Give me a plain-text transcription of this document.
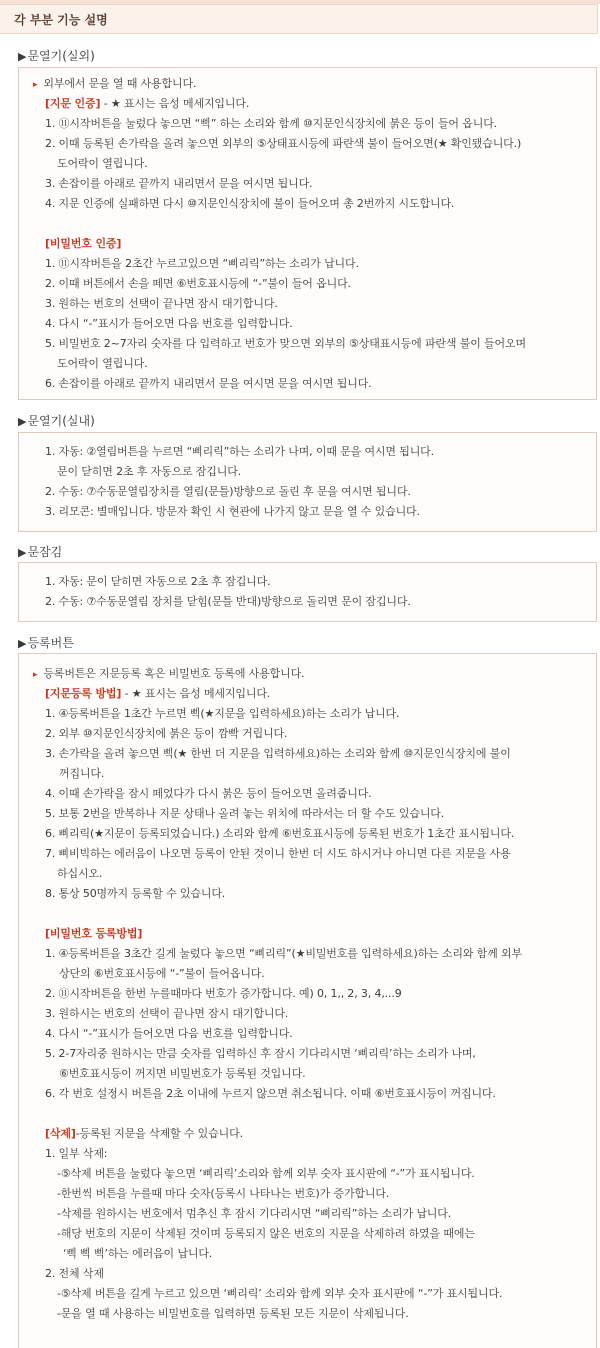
각 부분 기능 설명
▶문열기(실외)
▸ 외부에서 문을 열 때 사용합니다.
[지문 인증] - ★ 표시는 음성 메세지입니다.
1. ⑪시작버튼을 눌렀다 놓으면 “삑” 하는 소리와 함께 ⑩지문인식장치에 붉은 등이 들어 옵니다.
2. 이때 등록된 손가락을 올려 놓으면 외부의 ⑤상태표시등에 파란색 불이 들어오면(★ 확인됐습니다.)
도어락이 열립니다.
3. 손잡이를 아래로 끝까지 내리면서 문을 여시면 됩니다.
4. 지문 인증에 실패하면 다시 ⑩지문인식장치에 불이 들어오며 총 2번까지 시도합니다.
[비밀번호 인증]
1. ⑪시작버튼을 2초간 누르고있으면 “삐리릭”하는 소리가 납니다.
2. 이때 버튼에서 손을 떼면 ⑥번호표시등에 “-”불이 들어 옵니다.
3. 원하는 번호의 선택이 끝나면 잠시 대기합니다.
4. 다시 “-”표시가 들어오면 다음 번호를 입력합니다.
5. 비밀번호 2~7자리 숫자를 다 입력하고 번호가 맞으면 외부의 ⑤상태표시등에 파란색 불이 들어오며
도어락이 열립니다.
6. 손잡이를 아래로 끝까지 내리면서 문을 여시면 문을 여시면 됩니다.
▶문열기(실내)
1. 자동: ②열림버튼을 누르면 “삐리릭”하는 소리가 나며, 이때 문을 여시면 됩니다.
문이 닫히면 2초 후 자동으로 잠깁니다.
2. 수동: ⑦수동문열림장치를 열림(문틀)방향으로 돌린 후 문을 여시면 됩니다.
3. 리모콘: 별매입니다. 방문자 확인 시 현관에 나가지 않고 문을 열 수 있습니다.
▶문잠김
1. 자동: 문이 닫히면 자동으로 2초 후 잠깁니다.
2. 수동: ⑦수동문열림 장치를 닫힘(문틀 반대)방향으로 돌리면 문이 잠깁니다.
▶등록버튼
▸ 등록버튼은 지문등록 혹은 비밀번호 등록에 사용합니다.
[지문등록 방법] - ★ 표시는 음성 메세지입니다.
1. ④등록버튼을 1초간 누르면 삑(★지문을 입력하세요)하는 소리가 납니다.
2. 외부 ⑩지문인식장치에 붉은 등이 깜빡 거립니다.
3. 손가락을 올려 놓으면 삑(★ 한번 더 지문을 입력하세요)하는 소리와 함께 ⑩지문인식장치에 불이
꺼집니다.
4. 이때 손가락을 잠시 떼었다가 다시 붉은 등이 들어오면 올려줍니다.
5. 보통 2번을 반복하나 지문 상태나 올려 놓는 위치에 따라서는 더 할 수도 있습니다.
6. 삐리릭(★지문이 등록되었습니다.) 소리와 함께 ⑥번호표시등에 등록된 번호가 1초간 표시됩니다.
7. 삐비빅하는 에러음이 나오면 등록이 안된 것이니 한번 더 시도 하시거나 아니면 다른 지문을 사용
하십시오.
8. 통상 50명까지 등록할 수 있습니다.
[비밀번호 등록방법]
1. ④등록버튼을 3초간 길게 눌렀다 놓으면 “삐리릭”(★비밀번호를 입력하세요)하는 소리와 함께 외부
상단의 ⑥번호표시등에 “-”불이 들어옵니다.
2. ⑪시작버튼을 한번 누를때마다 번호가 증가합니다. 예) 0, 1,, 2, 3, 4,...9
3. 원하시는 번호의 선택이 끝나면 잠시 대기합니다.
4. 다시 “-”표시가 들어오면 다음 번호를 입력합니다.
5. 2-7자리중 원하시는 만큼 숫자를 입력하신 후 잠시 기다리시면 ‘삐리릭’하는 소리가 나며,
⑥번호표시등이 꺼지면 비밀번호가 등록된 것입니다.
6. 각 번호 설정시 버튼을 2초 이내에 누르지 않으면 취소됩니다. 이때 ⑥번호표시등이 꺼집니다.
[삭제]-등록된 지문을 삭제할 수 있습니다.
1. 일부 삭제:
-⑤삭제 버튼을 눌렀다 놓으면 ‘삐리릭’소리와 함께 외부 숫자 표시판에 “-”가 표시됩니다.
-한번씩 버튼을 누를때 마다 숫자(등록시 나타나는 번호)가 증가합니다.
-삭제를 원하시는 번호에서 멈추신 후 잠시 기다리시면 “삐리릭”하는 소리가 납니다.
-해당 번호의 지문이 삭제된 것이며 등록되지 않은 번호의 지문을 삭제하려 하였을 때에는
‘삑 삑 삑’하는 에러음이 납니다.
2. 전체 삭제
-⑤삭제 버튼을 길게 누르고 있으면 ‘삐리릭’ 소리와 함께 외부 숫자 표시판에 “-”가 표시됩니다.
-문을 열 때 사용하는 비밀번호를 입력하면 등록된 모든 지문이 삭제됩니다.
